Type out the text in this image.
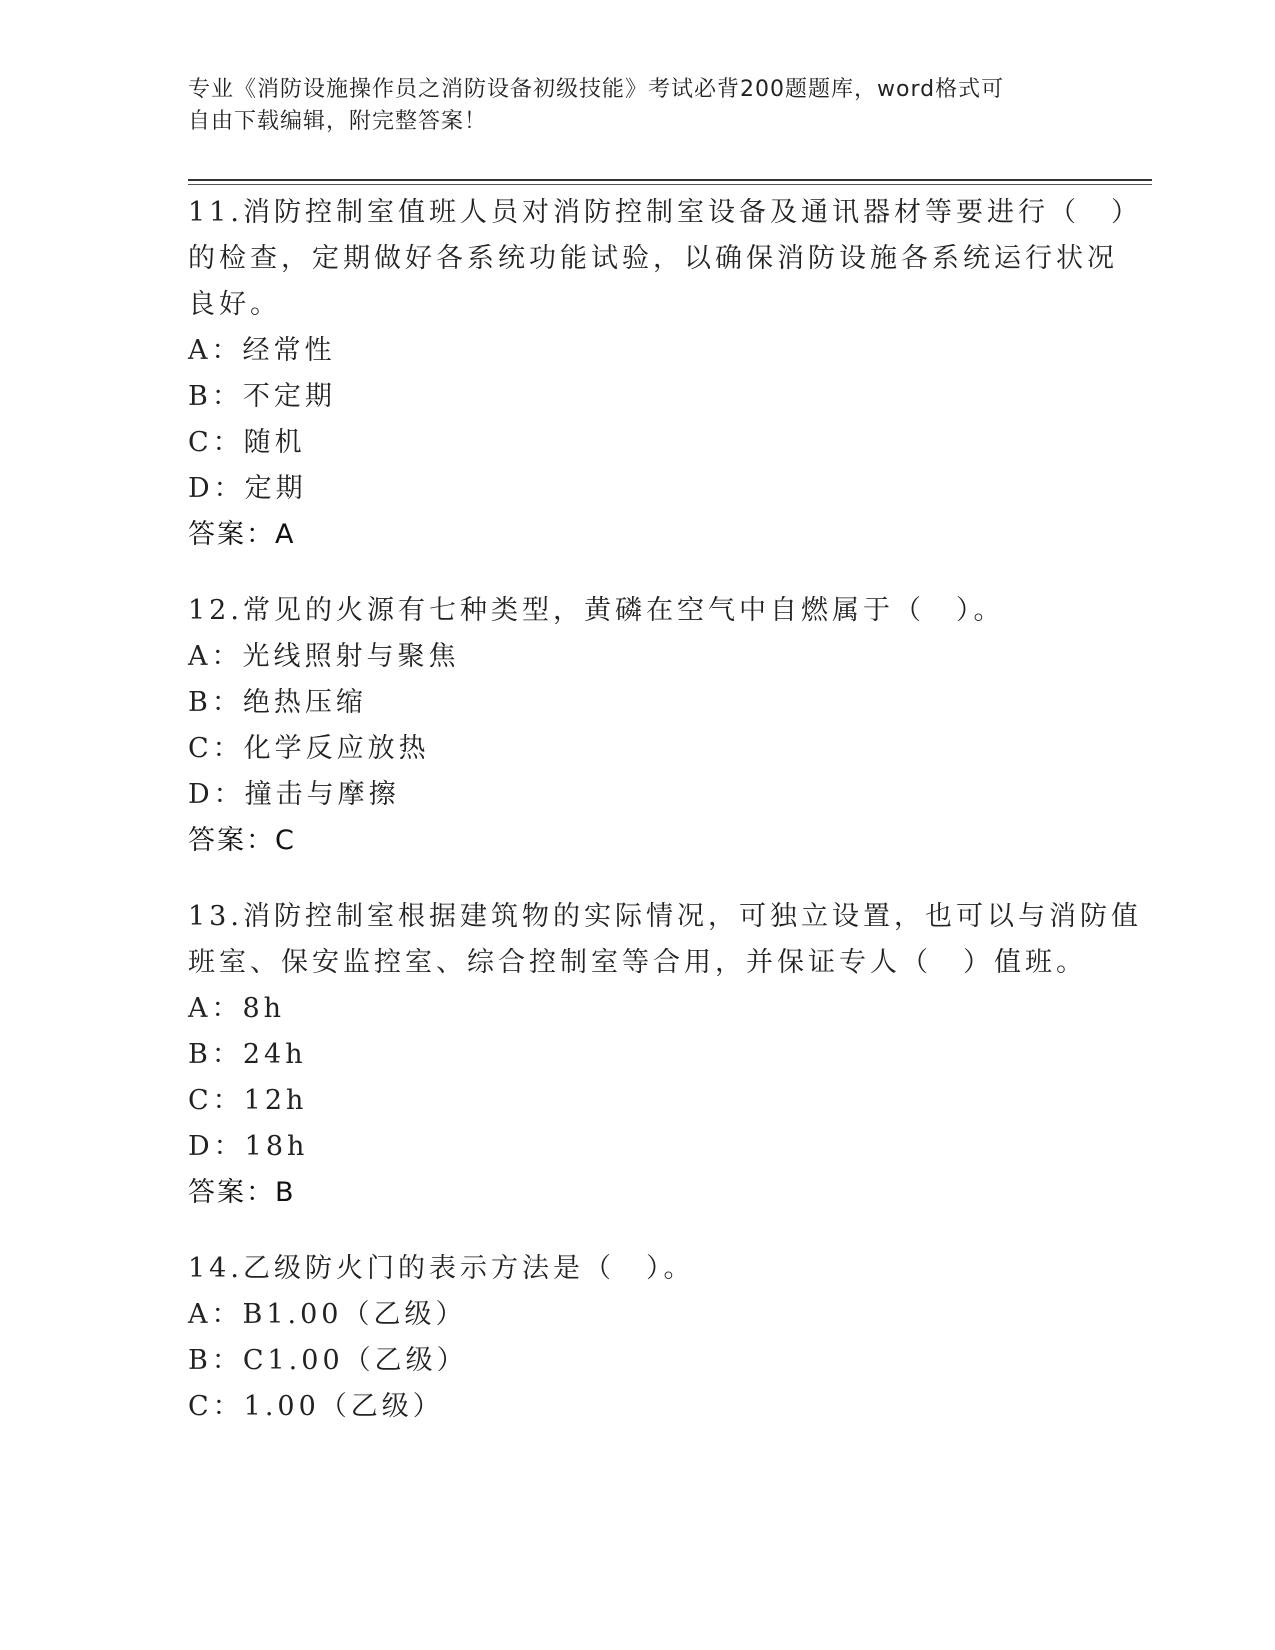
专业《消防设施操作员之消防设备初级技能》考试必背200题题库，word格式可
自由下载编辑，附完整答案！
11.消防控制室值班人员对消防控制室设备及通讯器材等要进行（　）
的检查，定期做好各系统功能试验，以确保消防设施各系统运行状况
良好。
A：经常性
B：不定期
C：随机
D：定期
答案：A
12.常见的火源有七种类型，黄磷在空气中自燃属于（　）。
A：光线照射与聚焦
B：绝热压缩
C：化学反应放热
D：撞击与摩擦
答案：C
13.消防控制室根据建筑物的实际情况，可独立设置，也可以与消防值
班室、保安监控室、综合控制室等合用，并保证专人（　）值班。
A：8h
B：24h
C：12h
D：18h
答案：B
14.乙级防火门的表示方法是（　）。
A：B1.00（乙级）
B：C1.00（乙级）
C：1.00（乙级）
